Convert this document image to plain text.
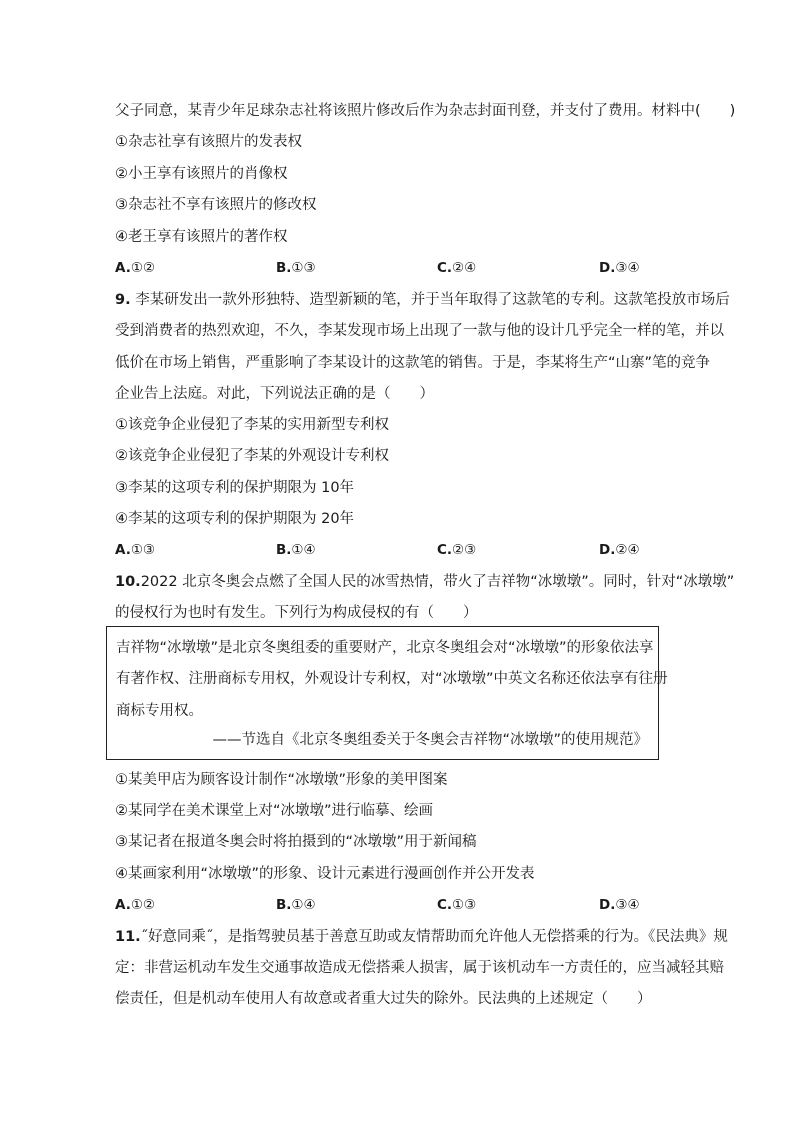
父子同意，某青少年足球杂志社将该照片修改后作为杂志封面刊登，并支付了费用。材料中(　　)
①杂志社享有该照片的发表权
②小王享有该照片的肖像权
③杂志社不享有该照片的修改权
④老王享有该照片的著作权
A.①②	B.①③	C.②④	D.③④
9. 李某研发出一款外形独特、造型新颖的笔，并于当年取得了这款笔的专利。这款笔投放市场后
受到消费者的热烈欢迎，不久，李某发现市场上出现了一款与他的设计几乎完全一样的笔，并以
低价在市场上销售，严重影响了李某设计的这款笔的销售。于是，李某将生产“山寨”笔的竞争
企业告上法庭。对此，下列说法正确的是（　　）
①该竞争企业侵犯了李某的实用新型专利权
②该竞争企业侵犯了李某的外观设计专利权
③李某的这项专利的保护期限为 10年
④李某的这项专利的保护期限为 20年
A.①③	B.①④	C.②③	D.②④
10.2022 北京冬奥会点燃了全国人民的冰雪热情，带火了吉祥物“冰墩墩”。同时，针对“冰墩墩”
的侵权行为也时有发生。下列行为构成侵权的有（　　）
吉祥物“冰墩墩”是北京冬奥组委的重要财产，北京冬奥组会对“冰墩墩”的形象依法享
有著作权、注册商标专用权，外观设计专利权，对“冰墩墩”中英文名称还依法享有往册
商标专用权。
——节选自《北京冬奥组委关于冬奥会吉祥物“冰墩墩”的使用规范》
①某美甲店为顾客设计制作“冰墩墩”形象的美甲图案
②某同学在美术课堂上对“冰墩墩”进行临摹、绘画
③某记者在报道冬奥会时将拍摄到的“冰墩墩”用于新闻稿
④某画家利用“冰墩墩”的形象、设计元素进行漫画创作并公开发表
A.①②	B.①④	C.①③	D.③④
11.˝好意同乘˝，是指驾驶员基于善意互助或友情帮助而允许他人无偿搭乘的行为。《民法典》规
定：非营运机动车发生交通事故造成无偿搭乘人损害，属于该机动车一方责任的，应当减轻其赔
偿责任，但是机动车使用人有故意或者重大过失的除外。民法典的上述规定（　　）
